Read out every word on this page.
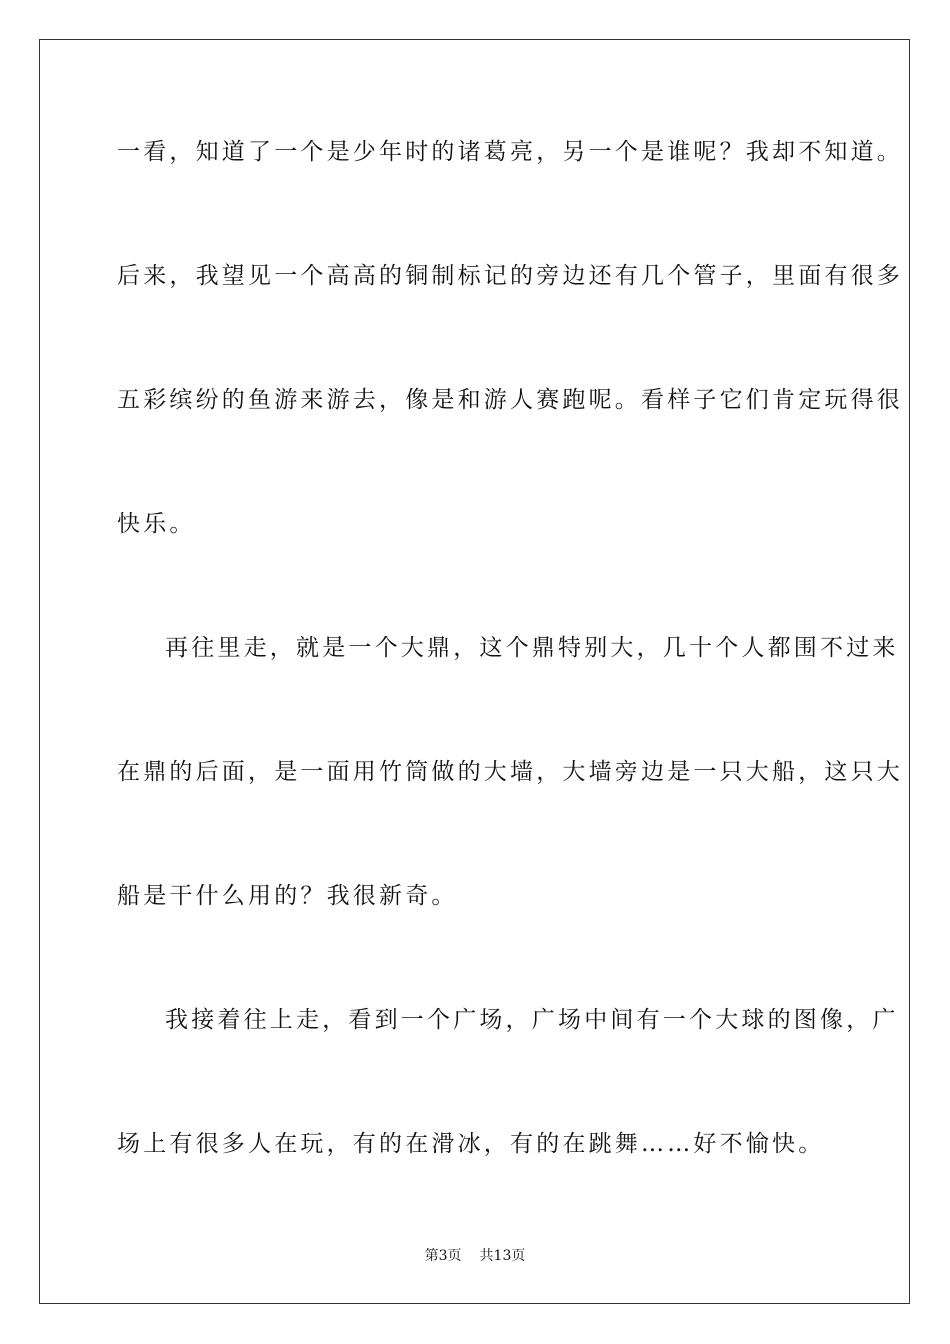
一看，知道了一个是少年时的诸葛亮，另一个是谁呢？我却不知道。
后来，我望见一个高高的铜制标记的旁边还有几个管子，里面有很多
五彩缤纷的鱼游来游去，像是和游人赛跑呢。看样子它们肯定玩得很
快乐。
再往里走，就是一个大鼎，这个鼎特别大，几十个人都围不过来
在鼎的后面，是一面用竹筒做的大墙，大墙旁边是一只大船，这只大
船是干什么用的？我很新奇。
我接着往上走，看到一个广场，广场中间有一个大球的图像，广
场上有很多人在玩，有的在滑冰，有的在跳舞……好不愉快。
第3页 共13页
